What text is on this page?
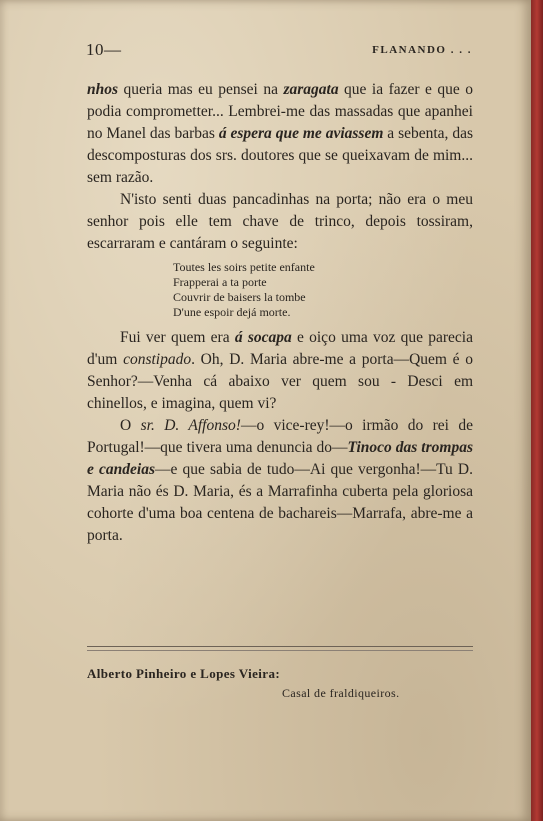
10—	FLANANDO . . .

nhos queria mas eu pensei na zaragata que ia fazer e que o podia comprometter... Lembrei-me das massadas que apanhei no Manel das barbas á espera que me aviassem a sebenta, das descomposturas dos srs. doutores que se queixavam de mim... sem razão.

N'isto senti duas pancadinhas na porta; não era o meu senhor pois elle tem chave de trinco, depois tossiram, escarraram e cantáram o seguinte:

Toutes les soirs petite enfante
Frapperai a ta porte
Couvrir de baisers la tombe
D'une espoir dejá morte.

Fui ver quem era á socapa e oiço uma voz que parecia d'um constipado. Oh, D. Maria abre-me a porta—Quem é o Senhor?—Venha cá abaixo ver quem sou - Desci em chinellos, e imagina, quem vi?

O sr. D. Affonso!—o vice-rey!—o irmão do rei de Portugal!—que tivera uma denuncia do—Tinoco das trompas e candeias—e que sabia de tudo—Ai que vergonha!—Tu D. Maria não és D. Maria, és a Marrafinha cuberta pela gloriosa cohorte d'uma boa centena de bachareis—Marrafa, abre-me a porta.

Alberto Pinheiro e Lopes Vieira:
Casal de fraldiqueiros.
